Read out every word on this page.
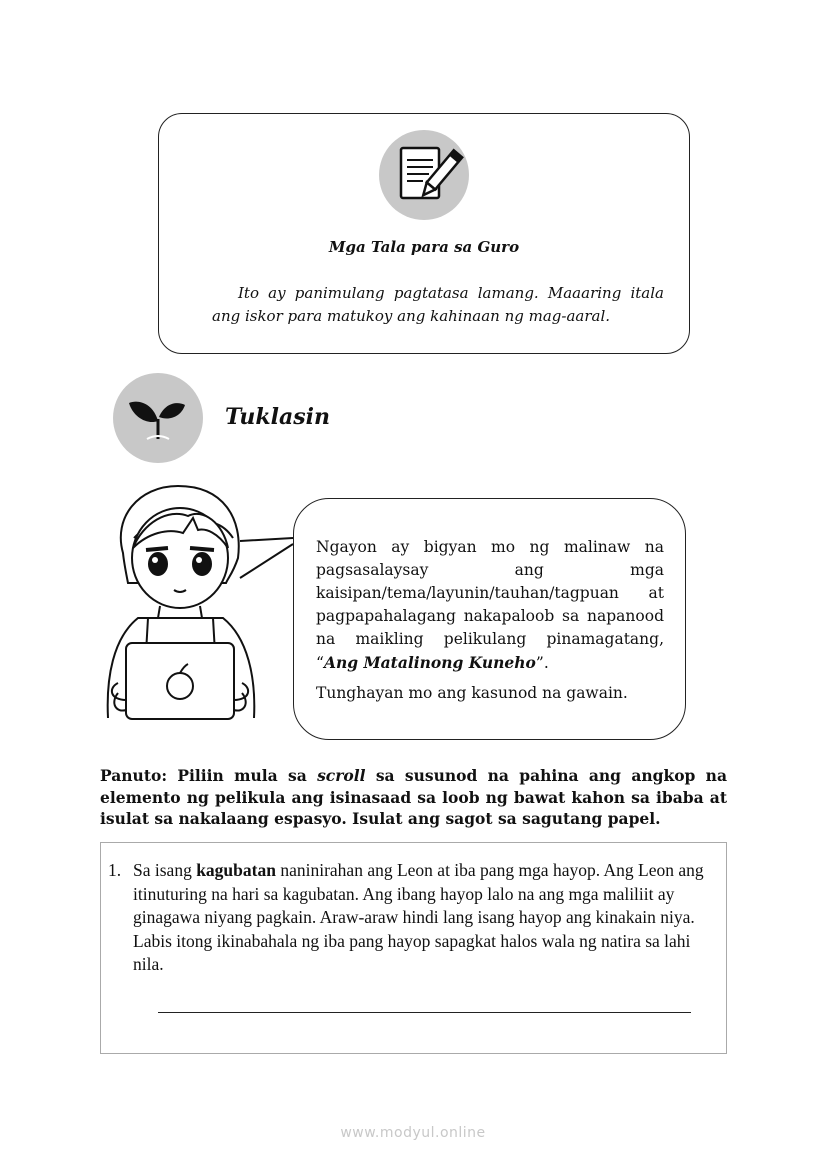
Mga Tala para sa Guro
Ito ay panimulang pagtatasa lamang. Maaaring itala ang iskor para matukoy ang kahinaan ng mag-aaral.
Tuklasin

Ngayon ay bigyan mo ng malinaw na pagsasalaysay ang mga kaisipan/tema/layunin/tauhan/tagpuan at pagpapahalagang nakapaloob sa napanood na maikling pelikulang pinamagatang, “Ang Matalinong Kuneho”.

Tunghayan mo ang kasunod na gawain.

Panuto: Piliin mula sa scroll sa susunod na pahina ang angkop na elemento ng pelikula ang isinasaad sa loob ng bawat kahon sa ibaba at isulat sa nakalaang espasyo. Isulat ang sagot sa sagutang papel.
1. Sa isang kagubatan naninirahan ang Leon at iba pang mga hayop. Ang Leon ang itinuturing na hari sa kagubatan. Ang ibang hayop lalo na ang mga maliliit ay ginagawa niyang pagkain. Araw-araw hindi lang isang hayop ang kinakain niya. Labis itong ikinabahala ng iba pang hayop sapagkat halos wala ng natira sa lahi nila.
www.modyul.online
